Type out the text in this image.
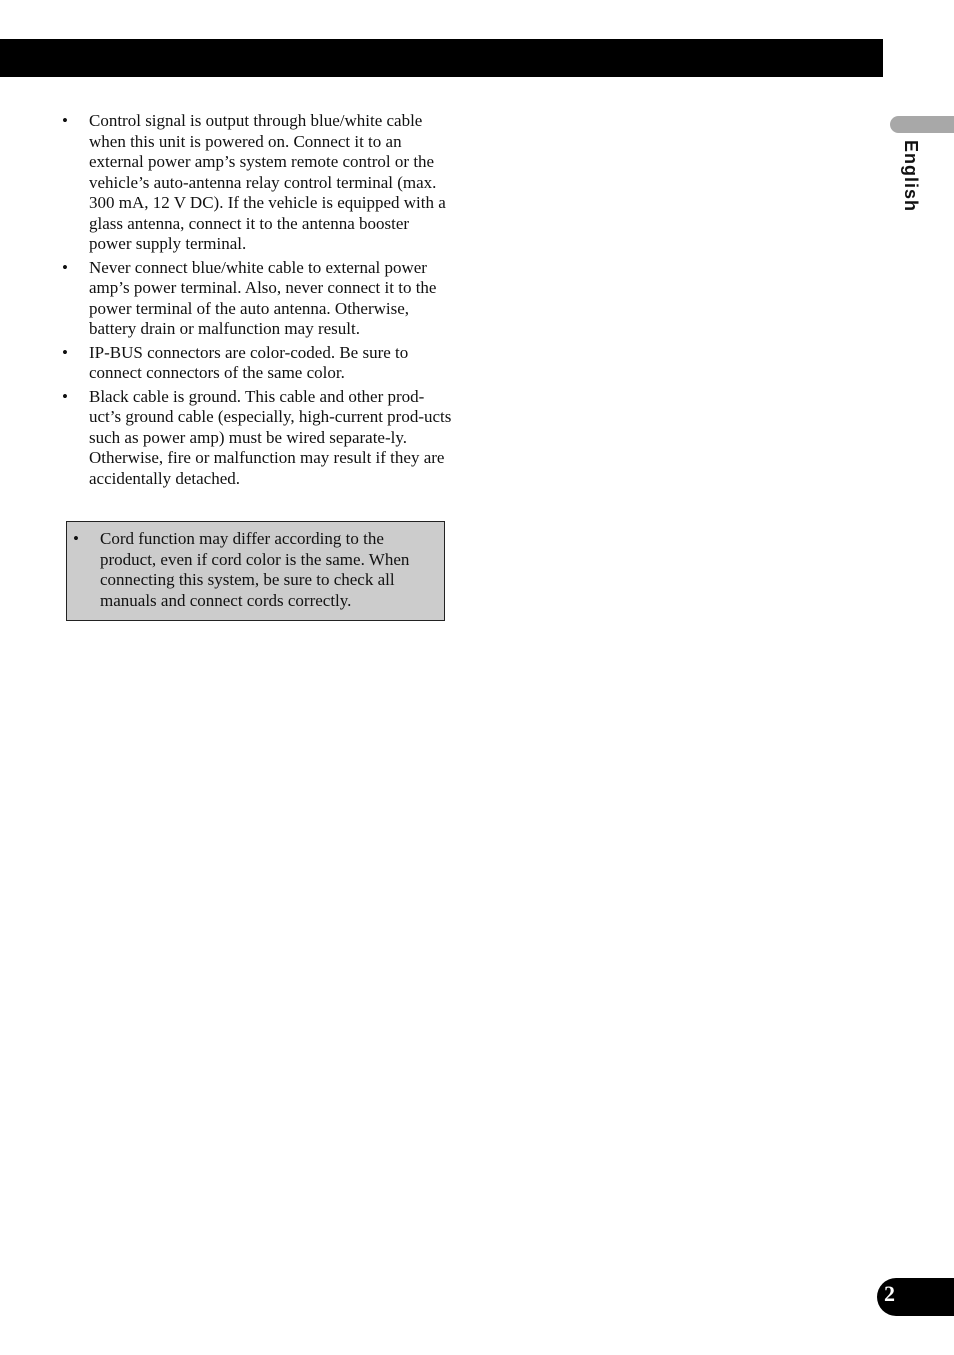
English
• Control signal is output through blue/white cable when this unit is powered on. Connect it to an external power amp’s system remote control or the vehicle’s auto-antenna relay control terminal (max. 300 mA, 12 V DC). If the vehicle is equipped with a glass antenna, connect it to the antenna booster power supply terminal.
• Never connect blue/white cable to external power amp’s power terminal. Also, never connect it to the power terminal of the auto antenna. Otherwise, battery drain or malfunction may result.
• IP-BUS connectors are color-coded. Be sure to connect connectors of the same color.
• Black cable is ground. This cable and other prod-uct’s ground cable (especially, high-current prod-ucts such as power amp) must be wired separate-ly. Otherwise, fire or malfunction may result if they are accidentally detached.
• Cord function may differ according to the product, even if cord color is the same. When connecting this system, be sure to check all manuals and connect cords correctly.
2
